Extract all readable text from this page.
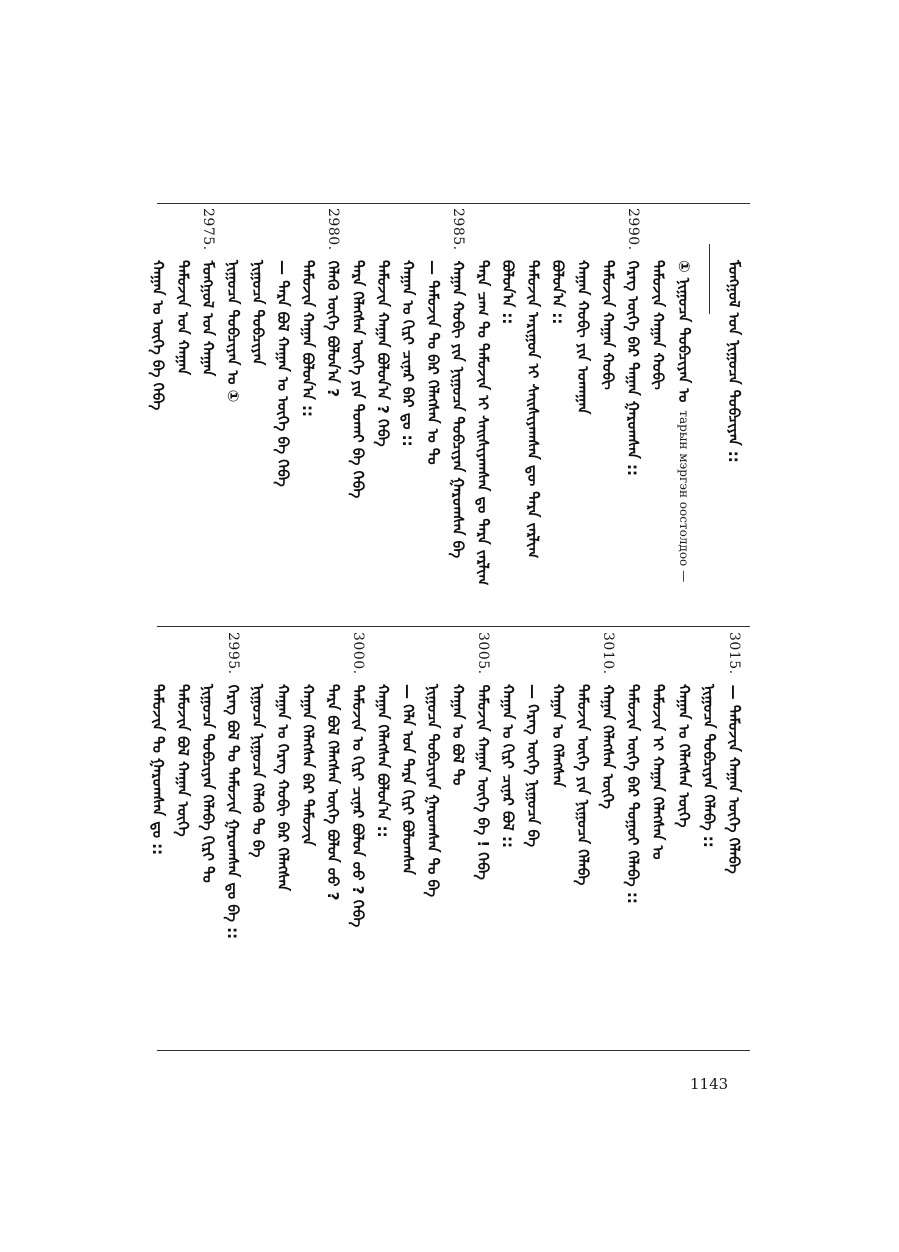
ᠮᠣᠩᠭᠣᠯ ᠤᠨ ᠨᠢᠭᠤᠴᠠ ᠲᠣᠪᠴᠢᠶᠠᠨ ::
① ᠨᠢᠭᠤᠴᠠ ᠲᠣᠪᠴᠢᠶᠠᠨ ᠤ
тарын мэргэн оостолдоо —
ᠲᠡᠮᠦᠵᠢᠨ ᠬᠠᠭᠠᠨ ᠬᠣᠪᠢ
2990.
ᠬᠡᠷᠡᠭ ᠦᠭᠡ ᠪᠡᠷ ᠳᠠᠭᠠᠨ ᠭᠠᠷᠤᠭᠰᠠᠨ ::
ᠲᠡᠮᠦᠵᠢᠨ ᠬᠠᠭᠠᠨ ᠬᠣᠪᠢ
ᠬᠠᠭᠠᠨ ᠬᠣᠪᠢ ᠶᠢᠨ ᠤᠬᠠᠭᠠᠨ
ᠪᠣᠯᠤᠨ᠎ᠠ ::
ᠲᠡᠮᠦᠵᠢᠨ ᠠᠷᠢᠭᠤᠨ ᠢ ᠰᠠᠢᠰᠢᠶᠠᠭᠰᠠᠨ ᠳᠦ ᠲᠡᠷᠡ ᠵᠠᠷᠯᠢᠭ
ᠪᠣᠯᠤᠨ᠎ᠠ ::
ᠲᠡᠷᠡ ᠴᠠᠭ ᠲᠤ ᠲᠡᠮᠦᠵᠢᠨ ᠢ ᠰᠠᠢᠰᠢᠶᠠᠭᠰᠠᠨ ᠳᠤ ᠲᠡᠷᠡ ᠵᠠᠷᠯᠢᠭ
2985.
ᠬᠠᠭᠠᠨ ᠬᠣᠪᠢ ᠶᠢᠨ ᠨᠢᠭᠤᠴᠠ ᠲᠣᠪᠴᠢᠶᠠᠨ ᠭᠠᠷᠤᠭᠰᠠᠨ ᠪᠠ
— ᠲᠡᠮᠦᠵᠢᠨ ᠲᠤ ᠪᠡᠷ ᠬᠡᠯᠡᠭᠰᠡᠨ ᠤ ᠲᠤ
ᠬᠠᠭᠠᠨ ᠤ ᠬᠢᠷᠢ ᠴᠢᠨᠠᠷ ᠪᠡᠷ ᠳᠤ ::
ᠲᠡᠮᠦᠵᠢᠨ ᠬᠠᠭᠠᠨ ᠪᠣᠯᠤᠨ᠎ᠠ ? ᠬᠡᠪᠡ
ᠲᠡᠷᠡ ᠬᠡᠯᠡᠭᠰᠡᠨ ᠦᠭᠡ ᠶᠢᠨ ᠲᠤᠬᠠᠢ ᠪᠠ ᠬᠡᠪᠡ
2980.
ᠬᠡᠯᠡᠬᠦ ᠦᠭᠡ ᠪᠣᠯᠤᠨ᠎ᠠ ?
ᠲᠡᠮᠦᠵᠢᠨ ᠬᠠᠭᠠᠨ ᠪᠣᠯᠤᠨ᠎ᠠ ::
— ᠲᠡᠷᠡ ᠪᠣᠯ ᠬᠠᠭᠠᠨ ᠤ ᠦᠭᠡ ᠪᠠ ᠬᠡᠪᠡ
ᠨᠢᠭᠤᠴᠠ ᠲᠣᠪᠴᠢᠶᠠᠨ
ᠨᠢᠭᠤᠴᠠ ᠲᠣᠪᠴᠢᠶᠠᠨ ᠤ ①
2975.
ᠮᠣᠩᠭᠣᠯ ᠤᠨ ᠬᠠᠭᠠᠨ
ᠲᠡᠮᠦᠵᠢᠨ ᠤᠨ ᠬᠠᠭᠠᠨ
ᠬᠠᠭᠠᠨ ᠤ ᠦᠭᠡ ᠪᠠ ᠬᠡᠪᠡ
3015.
— ᠲᠡᠮᠦᠵᠢᠨ ᠬᠠᠭᠠᠨ ᠦᠭᠡ ᠬᠡᠯᠡᠪᠡ
ᠨᠢᠭᠤᠴᠠ ᠲᠣᠪᠴᠢᠶᠠᠨ ᠬᠡᠯᠡᠪᠡ ::
ᠬᠠᠭᠠᠨ ᠤ ᠬᠡᠯᠡᠭᠰᠡᠨ ᠦᠭᠡ
ᠲᠡᠮᠦᠵᠢᠨ ᠢ ᠬᠠᠭᠠᠨ ᠬᠡᠯᠡᠭᠰᠡᠨ ᠤ
ᠲᠡᠮᠦᠵᠢᠨ ᠦᠭᠡ ᠪᠡᠷ ᠳᠤᠭᠤᠢ ᠬᠡᠯᠡᠪᠡ ::
3010.
ᠬᠠᠭᠠᠨ ᠬᠡᠯᠡᠭᠰᠡᠨ ᠦᠭᠡ
ᠲᠡᠮᠦᠵᠢᠨ ᠦᠭᠡ ᠶᠢᠨ ᠨᠢᠭᠤᠴᠠ ᠬᠡᠯᠡᠪᠡ
ᠬᠠᠭᠠᠨ ᠤ ᠬᠡᠯᠡᠭᠰᠡᠨ
— ᠬᠡᠷᠡᠭ ᠦᠭᠡ ᠨᠢᠭᠤᠴᠠ ᠪᠠ
ᠬᠠᠭᠠᠨ ᠤ ᠬᠢᠷᠢ ᠴᠢᠨᠠᠷ ᠪᠣᠯ ::
3005.
ᠲᠡᠮᠦᠵᠢᠨ ᠬᠠᠭᠠᠨ ᠦᠭᠡ ᠪᠠ ! ᠬᠡᠪᠡ
ᠬᠠᠭᠠᠨ ᠤ ᠪᠣᠯ ᠲᠤ
ᠨᠢᠭᠤᠴᠠ ᠲᠣᠪᠴᠢᠶᠠᠨ ᠭᠠᠷᠤᠭᠰᠠᠨ ᠲᠤ ᠪᠠ
— ᠬᠡᠯᠡ ᠤᠨ ᠲᠡᠷᠡ ᠬᠢᠷᠢ ᠪᠣᠯᠤᠭᠰᠠᠨ
ᠬᠠᠭᠠᠨ ᠬᠡᠯᠡᠭᠰᠡᠨ ᠪᠣᠯᠤᠨ᠎ᠠ ::
3000.
ᠲᠡᠮᠦᠵᠢᠨ ᠤ ᠬᠢᠷᠢ ᠴᠢᠨᠠᠷ ᠪᠣᠯᠤᠨ ᠤᠤ ? ᠬᠡᠪᠡ
ᠲᠡᠷᠡ ᠪᠣᠯ ᠬᠡᠯᠡᠭᠰᠡᠨ ᠦᠭᠡ ᠪᠣᠯᠤᠨ ᠤᠤ ?
ᠬᠠᠭᠠᠨ ᠬᠡᠯᠡᠭᠰᠡᠨ ᠪᠡᠷ ᠲᠡᠮᠦᠵᠢᠨ
ᠬᠠᠭᠠᠨ ᠤ ᠬᠡᠷᠡᠭ ᠬᠣᠪᠢ ᠪᠡᠷ ᠬᠡᠯᠡᠭᠰᠡᠨ
ᠨᠢᠭᠤᠴᠠ ᠨᠢᠭᠤᠴᠠ ᠬᠡᠯᠡᠬᠦ ᠲᠤ ᠪᠠ
2995.
ᠬᠡᠷᠡᠭ ᠪᠣᠯ ᠲᠤ ᠲᠡᠮᠦᠵᠢᠨ ᠭᠠᠷᠤᠭᠰᠠᠨ ᠳᠤ ᠪᠠ ::
ᠨᠢᠭᠤᠴᠠ ᠲᠣᠪᠴᠢᠶᠠᠨ ᠬᠡᠯᠡᠪᠡ ᠬᠢᠷᠢ ᠲᠤ
ᠲᠡᠮᠦᠵᠢᠨ ᠪᠣᠯ ᠬᠠᠭᠠᠨ ᠦᠭᠡ
ᠲᠡᠮᠦᠵᠢᠨ ᠲᠤ ᠭᠠᠷᠤᠭᠰᠠᠨ ᠳᠤ ::
1143
